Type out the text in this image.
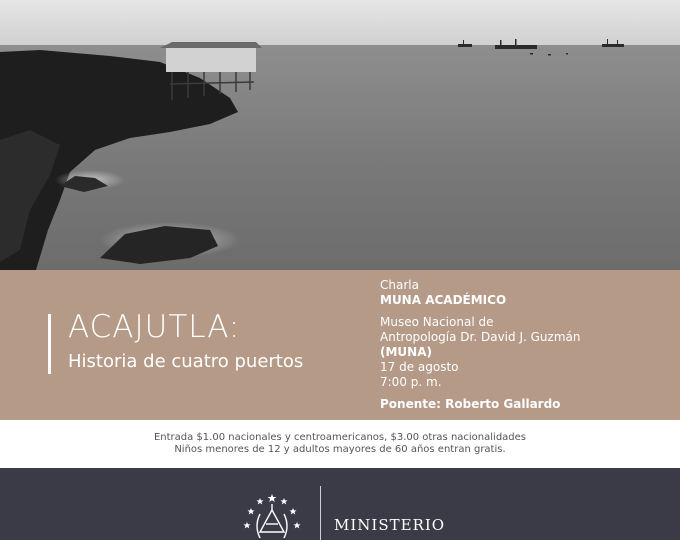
ACAJUTLA:
Historia de cuatro puertos
Charla
MUNA ACADÉMICO
Museo Nacional de
Antropología Dr. David J. Guzmán
(MUNA)
17 de agosto
7:00 p. m.
Ponente: Roberto Gallardo
Entrada $1.00 nacionales y centroamericanos, $3.00 otras nacionalidades
Niños menores de 12 y adultos mayores de 60 años entran gratis.
MINISTERIO
